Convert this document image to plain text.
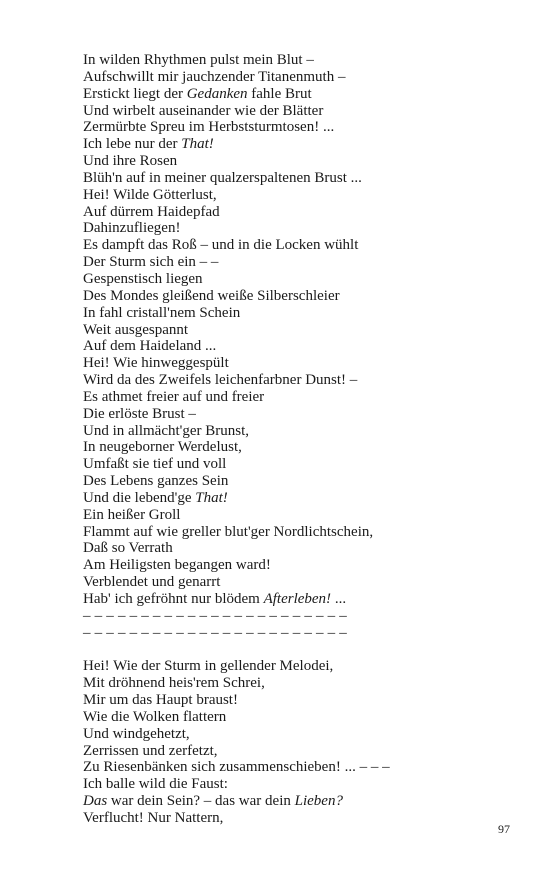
In wilden Rhythmen pulst mein Blut –
Aufschwillt mir jauchzender Titanenmuth –
Erstickt liegt der Gedanken fahle Brut
Und wirbelt auseinander wie der Blätter
Zermürbte Spreu im Herbststurmtosen! ...
Ich lebe nur der That!
Und ihre Rosen
Blüh'n auf in meiner qualzerspaltenen Brust ...
Hei! Wilde Götterlust,
Auf dürrem Haidepfad
Dahinzufliegen!
Es dampft das Roß – und in die Locken wühlt
Der Sturm sich ein – –
Gespenstisch liegen
Des Mondes gleißend weiße Silberschleier
In fahl cristall'nem Schein
Weit ausgespannt
Auf dem Haideland ...
Hei! Wie hinweggespült
Wird da des Zweifels leichenfarbner Dunst! –
Es athmet freier auf und freier
Die erlöste Brust –
Und in allmächt'ger Brunst,
In neugeborner Werdelust,
Umfaßt sie tief und voll
Des Lebens ganzes Sein
Und die lebend'ge That!
Ein heißer Groll
Flammt auf wie greller blut'ger Nordlichtschein,
Daß so Verrath
Am Heiligsten begangen ward!
Verblendet und genarrt
Hab' ich gefröhnt nur blödem Afterleben! ...
– – – – – – – – – – – – – – – – – – – – – – –
– – – – – – – – – – – – – – – – – – – – – – –
Hei! Wie der Sturm in gellender Melodei,
Mit dröhnend heis'rem Schrei,
Mir um das Haupt braust!
Wie die Wolken flattern
Und windgehetzt,
Zerrissen und zerfetzt,
Zu Riesenbänken sich zusammenschieben! ... – – –
Ich balle wild die Faust:
Das war dein Sein? – das war dein Lieben?
Verflucht! Nur Nattern,
97
